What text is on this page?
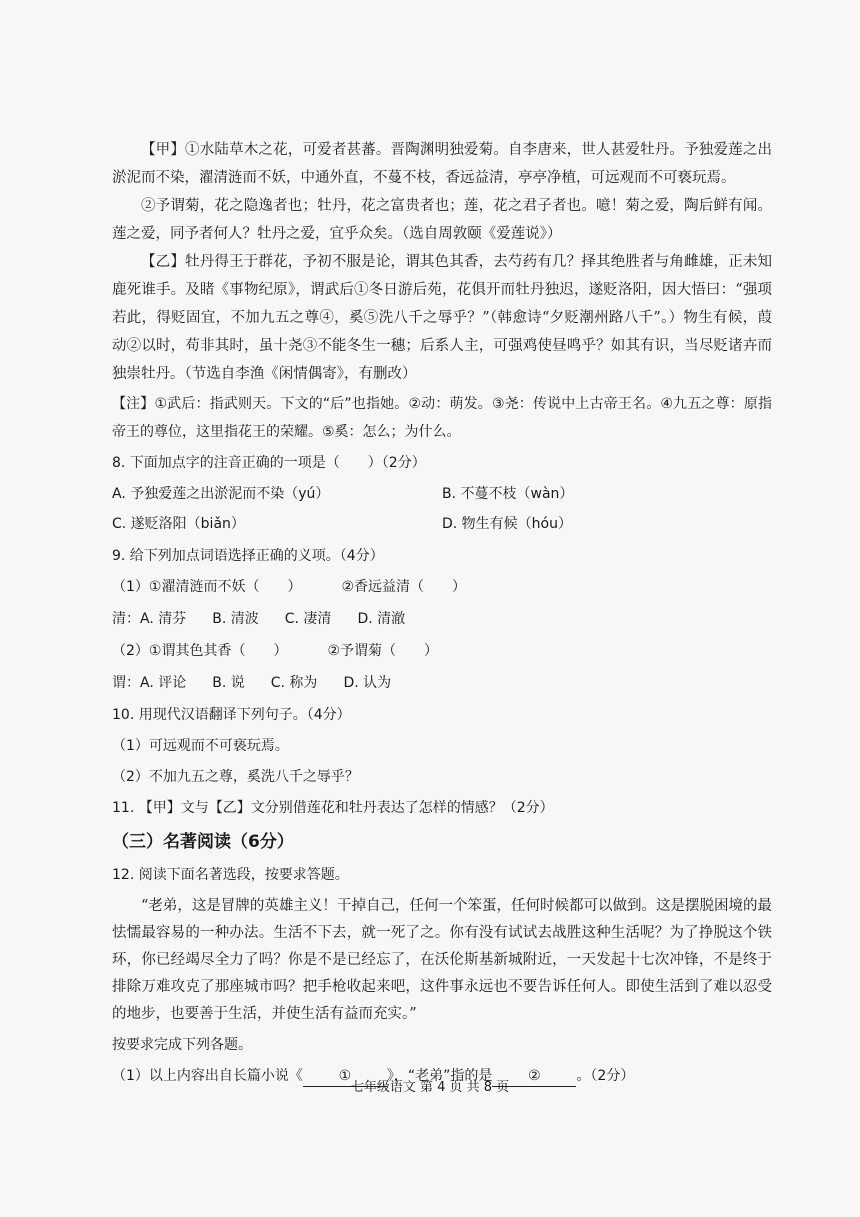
【甲】①水陆草木之花，可爱者甚蕃。晋陶渊明独爱菊。自李唐来，世人甚爱牡丹。予独爱莲之出淤泥而不染，濯清涟而不妖，中通外直，不蔓不枝，香远益清，亭亭净植，可远观而不可亵玩焉。

②予谓菊，花之隐逸者也；牡丹，花之富贵者也；莲，花之君子者也。噫！菊之爱，陶后鲜有闻。莲之爱，同予者何人？牡丹之爱，宜乎众矣。（选自周敦颐《爱莲说》）

【乙】牡丹得王于群花，予初不服是论，谓其色其香，去芍药有几？择其绝胜者与角雌雄，正未知鹿死谁手。及睹《事物纪原》，谓武后①冬日游后苑，花俱开而牡丹独迟，遂贬洛阳，因大悟曰：“强项若此，得贬固宜，不加九五之尊④，奚⑤洗八千之辱乎？”（韩愈诗“夕贬潮州路八千”。）物生有候，葭动②以时，苟非其时，虽十尧③不能冬生一穗；后系人主，可强鸡使昼鸣乎？如其有识，当尽贬诸卉而独崇牡丹。（节选自李渔《闲情偶寄》，有删改）

【注】①武后：指武则天。下文的“后”也指她。②动：萌发。③尧：传说中上古帝王名。④九五之尊：原指帝王的尊位，这里指花王的荣耀。⑤奚：怎么；为什么。

8. 下面加点字的注音正确的一项是（　　）（2分）

A. 予独爱莲之出淤泥而不染（yú）	B. 不蔓不枝（wàn）
C. 遂贬洛阳（biǎn）	D. 物生有候（hóu）

9. 给下列加点词语选择正确的义项。（4分）

（1）①濯清涟而不妖（　　）	②香远益清（　　）
清：A. 清芬 B. 清波 C. 凄清 D. 清澈
（2）①谓其色其香（　　）	②予谓菊（　　）
谓：A. 评论 B. 说 C. 称为 D. 认为

10. 用现代汉语翻译下列句子。（4分）

（1）可远观而不可亵玩焉。

（2）不加九五之尊，奚洗八千之辱乎？

11. 【甲】文与【乙】文分别借莲花和牡丹表达了怎样的情感？（2分）

（三）名著阅读（6分）

12. 阅读下面名著选段，按要求答题。

“老弟，这是冒牌的英雄主义！干掉自己，任何一个笨蛋，任何时候都可以做到。这是摆脱困境的最怯懦最容易的一种办法。生活不下去，就一死了之。你有没有试试去战胜这种生活呢？为了挣脱这个铁环，你已经竭尽全力了吗？你是不是已经忘了，在沃伦斯基新城附近，一天发起十七次冲锋，不是终于排除万难攻克了那座城市吗？把手枪收起来吧，这件事永远也不要告诉任何人。即使生活到了难以忍受的地步，也要善于生活，并使生活有益而充实。”

按要求完成下列各题。

（1）以上内容出自长篇小说《	①	》，“老弟”指的是	②	。（2分）

七年级语文 第 4 页 共 8 页
